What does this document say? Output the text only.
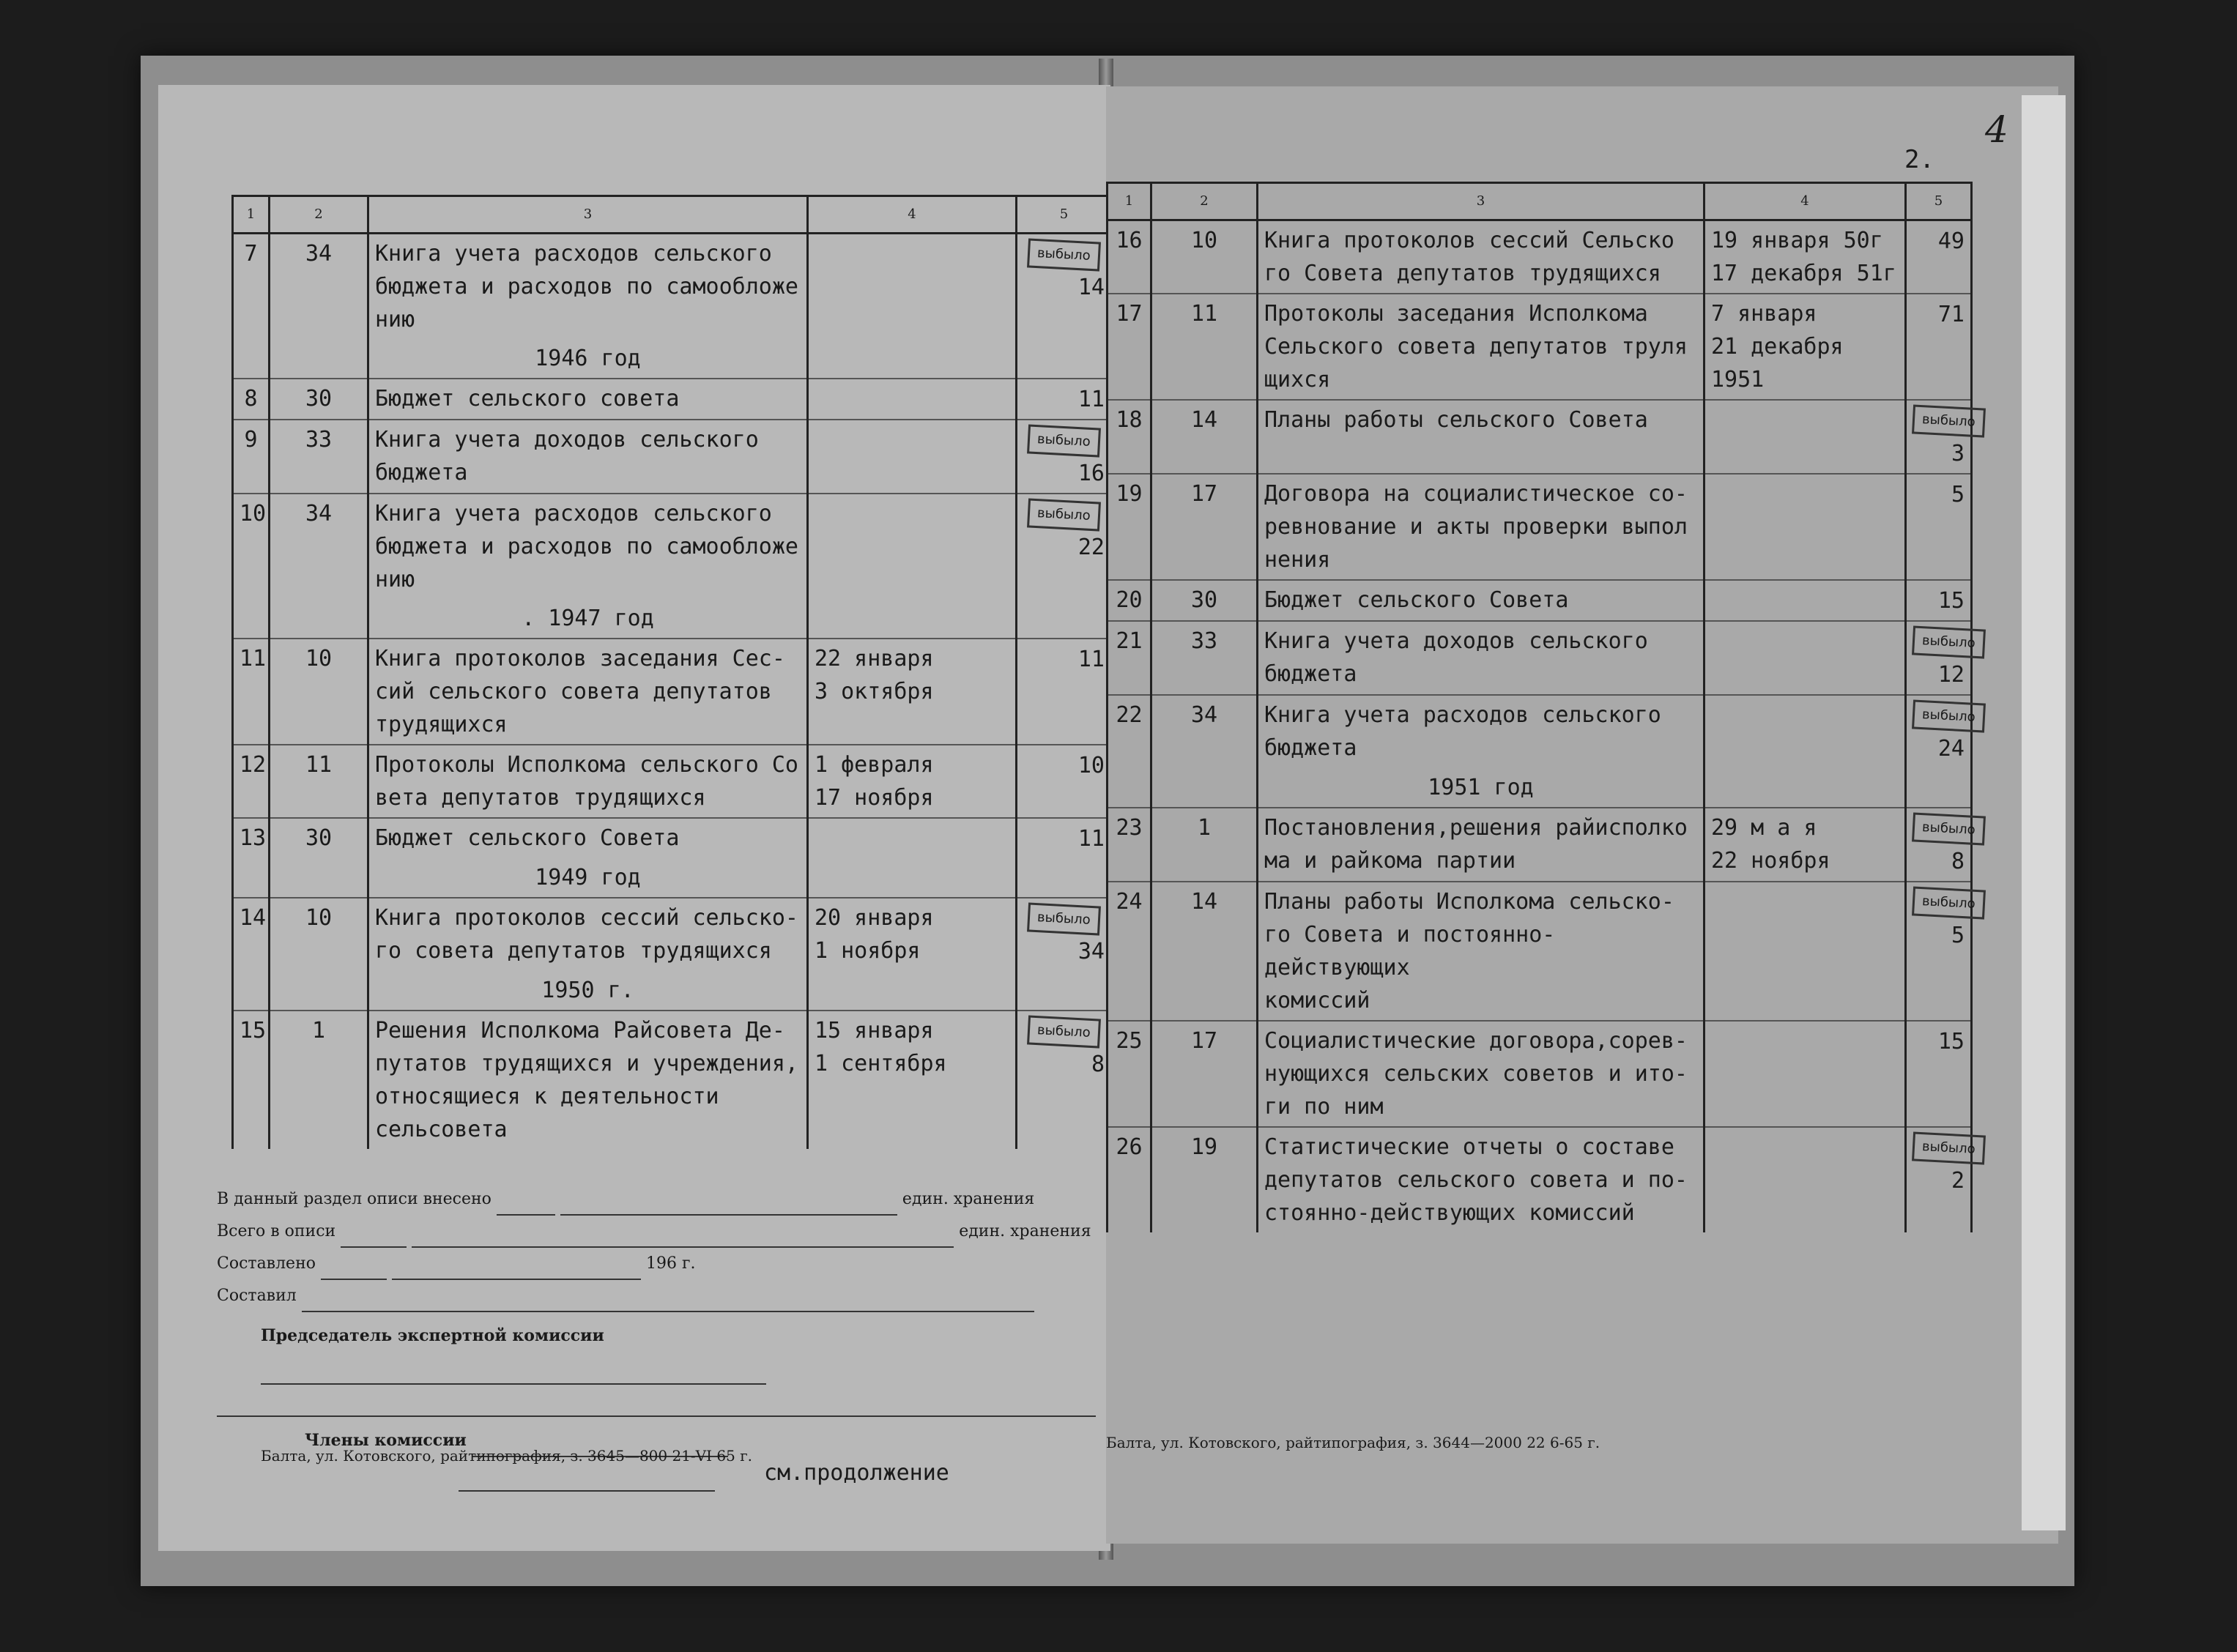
1	2	3	4	5
7	34	Книга учета расходов сельского
бюджета и расходов по самообложе
нию		выбыло14
		1946 год		
8	30	Бюджет сельского совета		11
9	33	Книга учета доходов сельского
бюджета		выбыло16
10	34	Книга учета расходов сельского
бюджета и расходов по самообложе
нию		выбыло22
		. 1947 год		
11	10	Книга протоколов заседания Сес-
сий сельского совета депутатов
трудящихся	22 января
3 октября	11
12	11	Протоколы Исполкома сельского Со
вета депутатов трудящихся	1 февраля
17 ноября	10
13	30	Бюджет сельского Совета		11
		1949 год		
14	10	Книга протоколов сессий сельско-
го совета депутатов трудящихся	20 января
1 ноября	выбыло34
		1950 г.		
15	1	Решения Исполкома Райсовета Де-
путатов трудящихся и учреждения,
относящиеся к деятельности сельсовета	15 января
1 сентября	выбыло8
В данный раздел описи внесено	един. хранения
Всего в описи	един. хранения
Составлено	196 г.
Составил
Председатель экспертной комиссии
Члены комиссии
см.продолжение
Балта, ул. Котовского, райтипография, з. 3645—800 21-VI 65 г.
2.
4
1	2	3	4	5
16	10	Книга протоколов сессий Сельско
го Совета депутатов трудящихся	19 января 50г
17 декабря 51г	49
17	11	Протоколы заседания Исполкома
Сельского совета депутатов труля
щихся	7 января
21 декабря 1951	71
18	14	Планы работы сельского Совета		выбыло3
19	17	Договора на социалистическое со-
ревнование и акты проверки выпол
нения		5
20	30	Бюджет сельского Совета		15
21	33	Книга учета доходов сельского
бюджета		выбыло12
22	34	Книга учета расходов сельского
бюджета		выбыло24
		1951 год		
23	1	Постановления,решения райисполко
ма и райкома партии	29 м а я
22 ноября	выбыло8
24	14	Планы работы Исполкома сельско-
го Совета и постоянно-действующих
комиссий		выбыло5
25	17	Социалистические договора,сорев-
нующихся сельских советов и ито-
ги по ним		15
26	19	Статистические отчеты о составе
депутатов сельского совета и по-
стоянно-действующих комиссий		выбыло2
Балта, ул. Котовского, райтипография, з. 3644—2000 22 6-65 г.
